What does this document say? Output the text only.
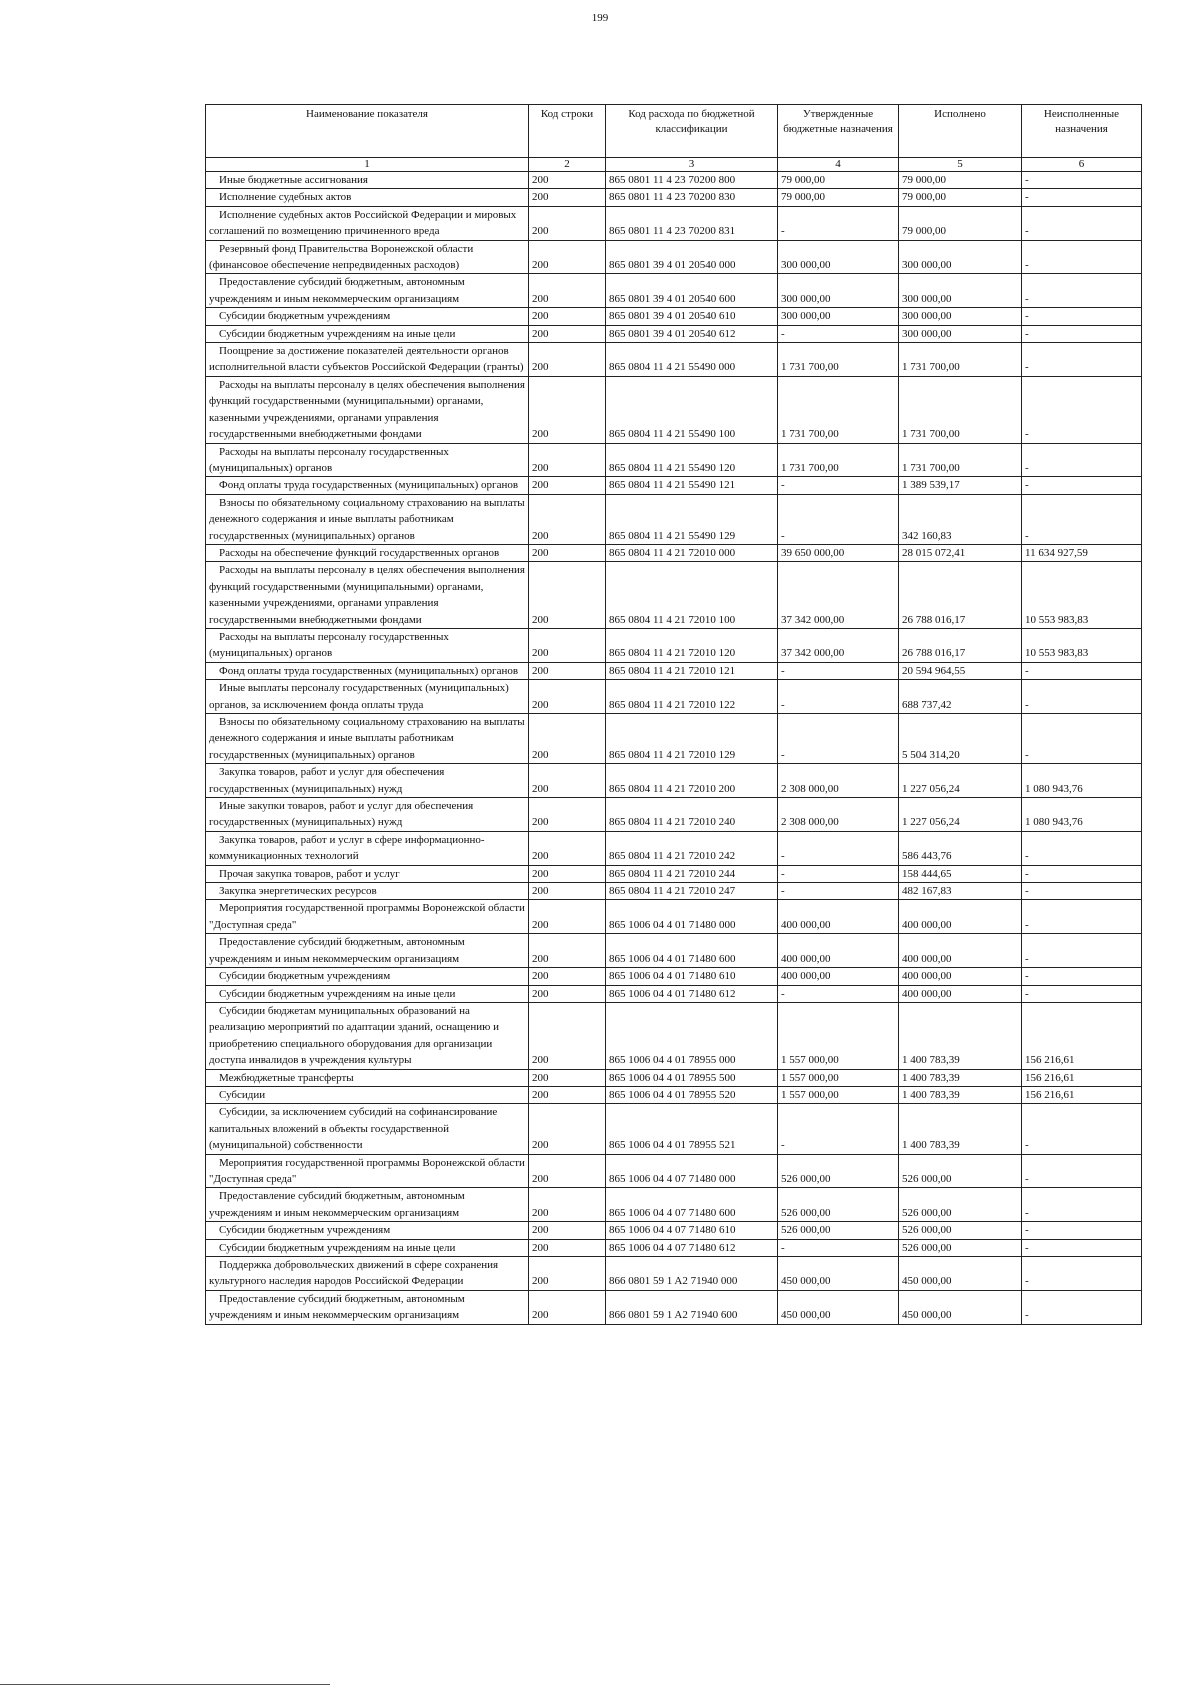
199
Наименование показателя	Код строки	Код расхода по бюджетной классификации	Утвержденные бюджетные назначения	Исполнено	Неисполненные назначения
1	2	3	4	5	6
Иные бюджетные ассигнования	200	865 0801 11 4 23 70200 800	79 000,00	79 000,00	-
Исполнение судебных актов	200	865 0801 11 4 23 70200 830	79 000,00	79 000,00	-
Исполнение судебных актов Российской Федерации и мировых соглашений по возмещению причиненного вреда	200	865 0801 11 4 23 70200 831	-	79 000,00	-
Резервный фонд Правительства Воронежской области (финансовое обеспечение непредвиденных расходов)	200	865 0801 39 4 01 20540 000	300 000,00	300 000,00	-
Предоставление субсидий бюджетным, автономным учреждениям и иным некоммерческим организациям	200	865 0801 39 4 01 20540 600	300 000,00	300 000,00	-
Субсидии бюджетным учреждениям	200	865 0801 39 4 01 20540 610	300 000,00	300 000,00	-
Субсидии бюджетным учреждениям на иные цели	200	865 0801 39 4 01 20540 612	-	300 000,00	-
Поощрение за достижение показателей деятельности органов исполнительной власти субъектов Российской Федерации (гранты)	200	865 0804 11 4 21 55490 000	1 731 700,00	1 731 700,00	-
Расходы на выплаты персоналу в целях обеспечения выполнения функций государственными (муниципальными) органами, казенными учреждениями, органами управления государственными внебюджетными фондами	200	865 0804 11 4 21 55490 100	1 731 700,00	1 731 700,00	-
Расходы на выплаты персоналу государственных (муниципальных) органов	200	865 0804 11 4 21 55490 120	1 731 700,00	1 731 700,00	-
Фонд оплаты труда государственных (муниципальных) органов	200	865 0804 11 4 21 55490 121	-	1 389 539,17	-
Взносы по обязательному социальному страхованию на выплаты денежного содержания и иные выплаты работникам государственных (муниципальных) органов	200	865 0804 11 4 21 55490 129	-	342 160,83	-
Расходы на обеспечение функций государственных органов	200	865 0804 11 4 21 72010 000	39 650 000,00	28 015 072,41	11 634 927,59
Расходы на выплаты персоналу в целях обеспечения выполнения функций государственными (муниципальными) органами, казенными учреждениями, органами управления государственными внебюджетными фондами	200	865 0804 11 4 21 72010 100	37 342 000,00	26 788 016,17	10 553 983,83
Расходы на выплаты персоналу государственных (муниципальных) органов	200	865 0804 11 4 21 72010 120	37 342 000,00	26 788 016,17	10 553 983,83
Фонд оплаты труда государственных (муниципальных) органов	200	865 0804 11 4 21 72010 121	-	20 594 964,55	-
Иные выплаты персоналу государственных (муниципальных) органов, за исключением фонда оплаты труда	200	865 0804 11 4 21 72010 122	-	688 737,42	-
Взносы по обязательному социальному страхованию на выплаты денежного содержания и иные выплаты работникам государственных (муниципальных) органов	200	865 0804 11 4 21 72010 129	-	5 504 314,20	-
Закупка товаров, работ и услуг для обеспечения государственных (муниципальных) нужд	200	865 0804 11 4 21 72010 200	2 308 000,00	1 227 056,24	1 080 943,76
Иные закупки товаров, работ и услуг для обеспечения государственных (муниципальных) нужд	200	865 0804 11 4 21 72010 240	2 308 000,00	1 227 056,24	1 080 943,76
Закупка товаров, работ и услуг в сфере информационно-коммуникационных технологий	200	865 0804 11 4 21 72010 242	-	586 443,76	-
Прочая закупка товаров, работ и услуг	200	865 0804 11 4 21 72010 244	-	158 444,65	-
Закупка энергетических ресурсов	200	865 0804 11 4 21 72010 247	-	482 167,83	-
Мероприятия государственной программы Воронежской области "Доступная среда"	200	865 1006 04 4 01 71480 000	400 000,00	400 000,00	-
Предоставление субсидий бюджетным, автономным учреждениям и иным некоммерческим организациям	200	865 1006 04 4 01 71480 600	400 000,00	400 000,00	-
Субсидии бюджетным учреждениям	200	865 1006 04 4 01 71480 610	400 000,00	400 000,00	-
Субсидии бюджетным учреждениям на иные цели	200	865 1006 04 4 01 71480 612	-	400 000,00	-
Субсидии бюджетам муниципальных образований на реализацию мероприятий по адаптации зданий, оснащению и приобретению специального оборудования для организации доступа инвалидов в учреждения культуры	200	865 1006 04 4 01 78955 000	1 557 000,00	1 400 783,39	156 216,61
Межбюджетные трансферты	200	865 1006 04 4 01 78955 500	1 557 000,00	1 400 783,39	156 216,61
Субсидии	200	865 1006 04 4 01 78955 520	1 557 000,00	1 400 783,39	156 216,61
Субсидии, за исключением субсидий на софинансирование капитальных вложений в объекты государственной (муниципальной) собственности	200	865 1006 04 4 01 78955 521	-	1 400 783,39	-
Мероприятия государственной программы Воронежской области "Доступная среда"	200	865 1006 04 4 07 71480 000	526 000,00	526 000,00	-
Предоставление субсидий бюджетным, автономным учреждениям и иным некоммерческим организациям	200	865 1006 04 4 07 71480 600	526 000,00	526 000,00	-
Субсидии бюджетным учреждениям	200	865 1006 04 4 07 71480 610	526 000,00	526 000,00	-
Субсидии бюджетным учреждениям на иные цели	200	865 1006 04 4 07 71480 612	-	526 000,00	-
Поддержка добровольческих движений в сфере сохранения культурного наследия народов Российской Федерации	200	866 0801 59 1 A2 71940 000	450 000,00	450 000,00	-
Предоставление субсидий бюджетным, автономным учреждениям и иным некоммерческим организациям	200	866 0801 59 1 A2 71940 600	450 000,00	450 000,00	-
